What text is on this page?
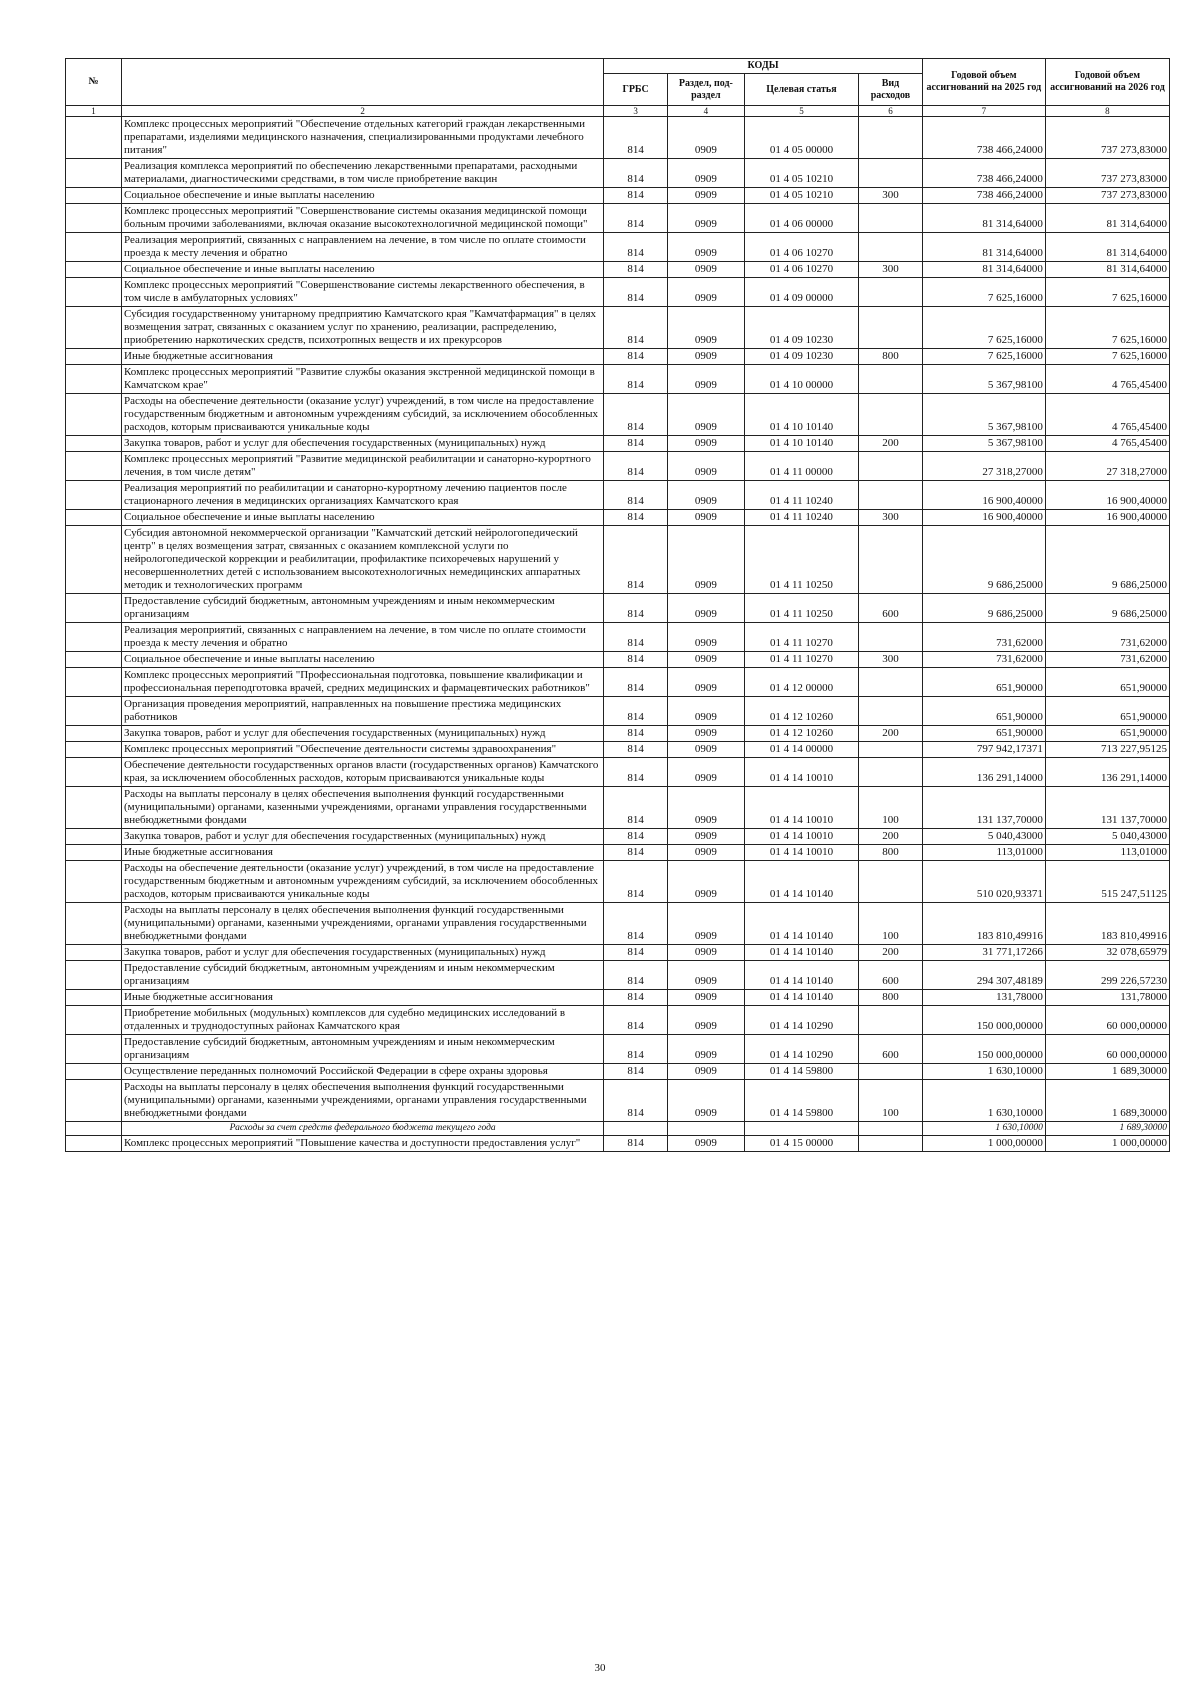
№		КОДЫ				Годовой объем ассигнований на 2025 год	Годовой объем ассигнований на 2026 год
		ГРБС	Раздел, под-раздел	Целевая статья	Вид расходов		
1	2	3	4	5	6	7	8
	Комплекс процессных мероприятий "Обеспечение отдельных категорий граждан лекарственными препаратами, изделиями медицинского назначения, специализированными продуктами лечебного питания"	814	0909	01 4 05 00000		738 466,24000	737 273,83000
	Реализация комплекса мероприятий по обеспечению лекарственными препаратами, расходными материалами, диагностическими средствами, в том числе приобретение вакцин	814	0909	01 4 05 10210		738 466,24000	737 273,83000
	Социальное обеспечение и иные выплаты населению	814	0909	01 4 05 10210	300	738 466,24000	737 273,83000
	Комплекс процессных мероприятий "Совершенствование системы оказания медицинской помощи больным прочими заболеваниями, включая оказание высокотехнологичной медицинской помощи"	814	0909	01 4 06 00000		81 314,64000	81 314,64000
	Реализация мероприятий, связанных с направлением на лечение, в том числе по оплате стоимости проезда к месту лечения и обратно	814	0909	01 4 06 10270		81 314,64000	81 314,64000
	Социальное обеспечение и иные выплаты населению	814	0909	01 4 06 10270	300	81 314,64000	81 314,64000
	Комплекс процессных мероприятий "Совершенствование системы лекарственного обеспечения, в том числе в амбулаторных условиях"	814	0909	01 4 09 00000		7 625,16000	7 625,16000
	Субсидия государственному унитарному предприятию Камчатского края "Камчатфармация" в целях возмещения затрат, связанных с оказанием услуг по хранению, реализации, распределению, приобретению наркотических средств, психотропных веществ и их прекурсоров	814	0909	01 4 09 10230		7 625,16000	7 625,16000
	Иные бюджетные ассигнования	814	0909	01 4 09 10230	800	7 625,16000	7 625,16000
	Комплекс процессных мероприятий "Развитие службы оказания экстренной медицинской помощи в Камчатском крае"	814	0909	01 4 10 00000		5 367,98100	4 765,45400
	Расходы на обеспечение деятельности (оказание услуг) учреждений, в том числе на предоставление государственным бюджетным и автономным учреждениям субсидий, за исключением обособленных расходов, которым присваиваются уникальные коды	814	0909	01 4 10 10140		5 367,98100	4 765,45400
	Закупка товаров, работ и услуг для обеспечения государственных (муниципальных) нужд	814	0909	01 4 10 10140	200	5 367,98100	4 765,45400
	Комплекс процессных мероприятий "Развитие медицинской реабилитации и санаторно-курортного лечения, в том числе детям"	814	0909	01 4 11 00000		27 318,27000	27 318,27000
	Реализация мероприятий по реабилитации и санаторно-курортному лечению пациентов после стационарного лечения в медицинских организациях Камчатского края	814	0909	01 4 11 10240		16 900,40000	16 900,40000
	Социальное обеспечение и иные выплаты населению	814	0909	01 4 11 10240	300	16 900,40000	16 900,40000
	Субсидия автономной некоммерческой организации "Камчатский детский нейрологопедический центр" в целях возмещения затрат, связанных с оказанием комплексной услуги по нейрологопедической коррекции и реабилитации, профилактике психоречевых нарушений у несовершеннолетних детей с использованием высокотехнологичных немедицинских аппаратных методик и технологических программ	814	0909	01 4 11 10250		9 686,25000	9 686,25000
	Предоставление субсидий бюджетным, автономным учреждениям и иным некоммерческим организациям	814	0909	01 4 11 10250	600	9 686,25000	9 686,25000
	Реализация мероприятий, связанных с направлением на лечение, в том числе по оплате стоимости проезда к месту лечения и обратно	814	0909	01 4 11 10270		731,62000	731,62000
	Социальное обеспечение и иные выплаты населению	814	0909	01 4 11 10270	300	731,62000	731,62000
	Комплекс процессных мероприятий "Профессиональная подготовка, повышение квалификации и профессиональная переподготовка врачей, средних медицинских и фармацевтических работников"	814	0909	01 4 12 00000		651,90000	651,90000
	Организация проведения мероприятий, направленных на повышение престижа медицинских работников	814	0909	01 4 12 10260		651,90000	651,90000
	Закупка товаров, работ и услуг для обеспечения государственных (муниципальных) нужд	814	0909	01 4 12 10260	200	651,90000	651,90000
	Комплекс процессных мероприятий "Обеспечение деятельности системы здравоохранения"	814	0909	01 4 14 00000		797 942,17371	713 227,95125
	Обеспечение деятельности государственных органов власти (государственных органов) Камчатского края, за исключением обособленных расходов, которым присваиваются уникальные коды	814	0909	01 4 14 10010		136 291,14000	136 291,14000
	Расходы на выплаты персоналу в целях обеспечения выполнения функций государственными (муниципальными) органами, казенными учреждениями, органами управления государственными внебюджетными фондами	814	0909	01 4 14 10010	100	131 137,70000	131 137,70000
	Закупка товаров, работ и услуг для обеспечения государственных (муниципальных) нужд	814	0909	01 4 14 10010	200	5 040,43000	5 040,43000
	Иные бюджетные ассигнования	814	0909	01 4 14 10010	800	113,01000	113,01000
	Расходы на обеспечение деятельности (оказание услуг) учреждений, в том числе на предоставление государственным бюджетным и автономным учреждениям субсидий, за исключением обособленных расходов, которым присваиваются уникальные коды	814	0909	01 4 14 10140		510 020,93371	515 247,51125
	Расходы на выплаты персоналу в целях обеспечения выполнения функций государственными (муниципальными) органами, казенными учреждениями, органами управления государственными внебюджетными фондами	814	0909	01 4 14 10140	100	183 810,49916	183 810,49916
	Закупка товаров, работ и услуг для обеспечения государственных (муниципальных) нужд	814	0909	01 4 14 10140	200	31 771,17266	32 078,65979
	Предоставление субсидий бюджетным, автономным учреждениям и иным некоммерческим организациям	814	0909	01 4 14 10140	600	294 307,48189	299 226,57230
	Иные бюджетные ассигнования	814	0909	01 4 14 10140	800	131,78000	131,78000
	Приобретение мобильных (модульных) комплексов для судебно медицинских исследований в отдаленных и труднодоступных районах Камчатского края	814	0909	01 4 14 10290		150 000,00000	60 000,00000
	Предоставление субсидий бюджетным, автономным учреждениям и иным некоммерческим организациям	814	0909	01 4 14 10290	600	150 000,00000	60 000,00000
	Осуществление переданных полномочий Российской Федерации в сфере охраны здоровья	814	0909	01 4 14 59800		1 630,10000	1 689,30000
	Расходы на выплаты персоналу в целях обеспечения выполнения функций государственными (муниципальными) органами, казенными учреждениями, органами управления государственными внебюджетными фондами	814	0909	01 4 14 59800	100	1 630,10000	1 689,30000
	Расходы за счет средств федерального бюджета текущего года					1 630,10000	1 689,30000
	Комплекс процессных мероприятий "Повышение качества и доступности предоставления услуг"	814	0909	01 4 15 00000		1 000,00000	1 000,00000
30
